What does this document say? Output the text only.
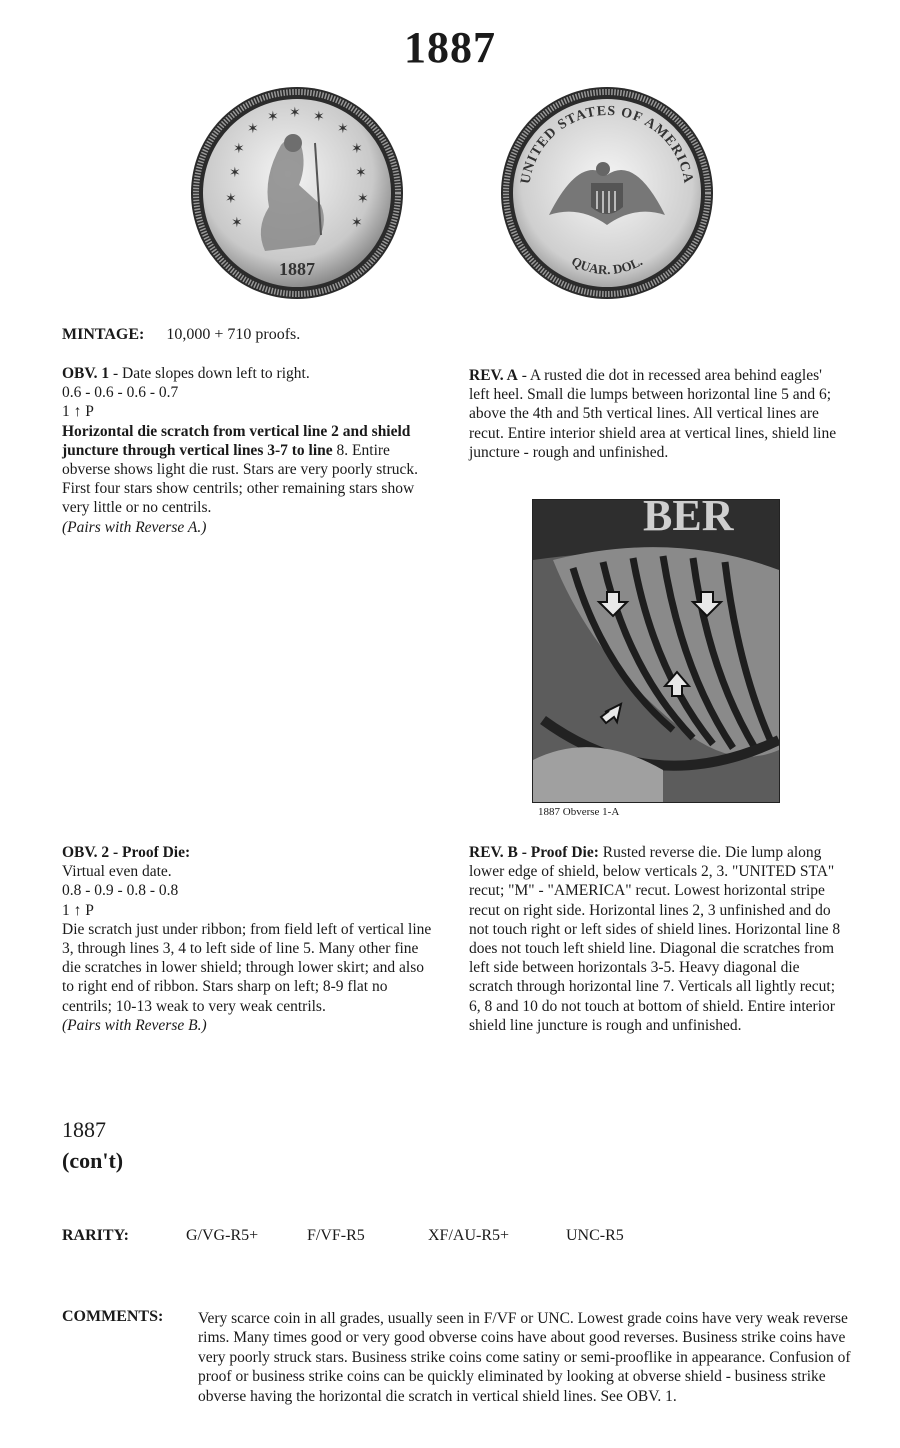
1887
✶
✶
✶
✶ ✶ ✶
✶
✶
✶
✶
✶
✶
✶
1887
UNITED STATES OF AMERICA
QUAR. DOL.
MINTAGE: 10,000 + 710 proofs.
OBV. 1 - Date slopes down left to right.
0.6 - 0.6 - 0.6 - 0.7
1 ↑ P
Horizontal die scratch from vertical line 2 and shield juncture through vertical lines 3-7 to line 8. Entire obverse shows light die rust. Stars are very poorly struck. First four stars show centrils; other remaining stars show very little or no centrils.
(Pairs with Reverse A.)
REV. A - A rusted die dot in recessed area behind eagles' left heel. Small die lumps between horizontal line 5 and 6; above the 4th and 5th vertical lines. All vertical lines are recut. Entire interior shield area at vertical lines, shield line juncture - rough and unfinished.
BER
1887 Obverse 1-A
OBV. 2 - Proof Die:
Virtual even date.
0.8 - 0.9 - 0.8 - 0.8
1 ↑ P
Die scratch just under ribbon; from field left of vertical line 3, through lines 3, 4 to left side of line 5. Many other fine die scratches in lower shield; through lower skirt; and also to right end of ribbon. Stars sharp on left; 8-9 flat no centrils; 10-13 weak to very weak centrils.
(Pairs with Reverse B.)
REV. B - Proof Die: Rusted reverse die. Die lump along lower edge of shield, below verticals 2, 3. "UNITED STA" recut; "M" - "AMERICA" recut. Lowest horizontal stripe recut on right side. Horizontal lines 2, 3 unfinished and do not touch right or left sides of shield lines. Horizontal line 8 does not touch left shield line. Diagonal die scratches from left side between horizontals 3-5. Heavy diagonal die scratch through horizontal line 7. Verticals all lightly recut; 6, 8 and 10 do not touch at bottom of shield. Entire interior shield line juncture is rough and unfinished.
1887
(con't)
RARITY:	G/VG-R5+	F/VF-R5	XF/AU-R5+	UNC-R5
COMMENTS: Very scarce coin in all grades, usually seen in F/VF or UNC. Lowest grade coins have very weak reverse rims. Many times good or very good obverse coins have about good reverses. Business strike coins have very poorly struck stars. Business strike coins come satiny or semi-prooflike in appearance. Confusion of proof or business strike coins can be quickly eliminated by looking at obverse shield - business strike obverse having the horizontal die scratch in vertical shield lines. See OBV. 1.
